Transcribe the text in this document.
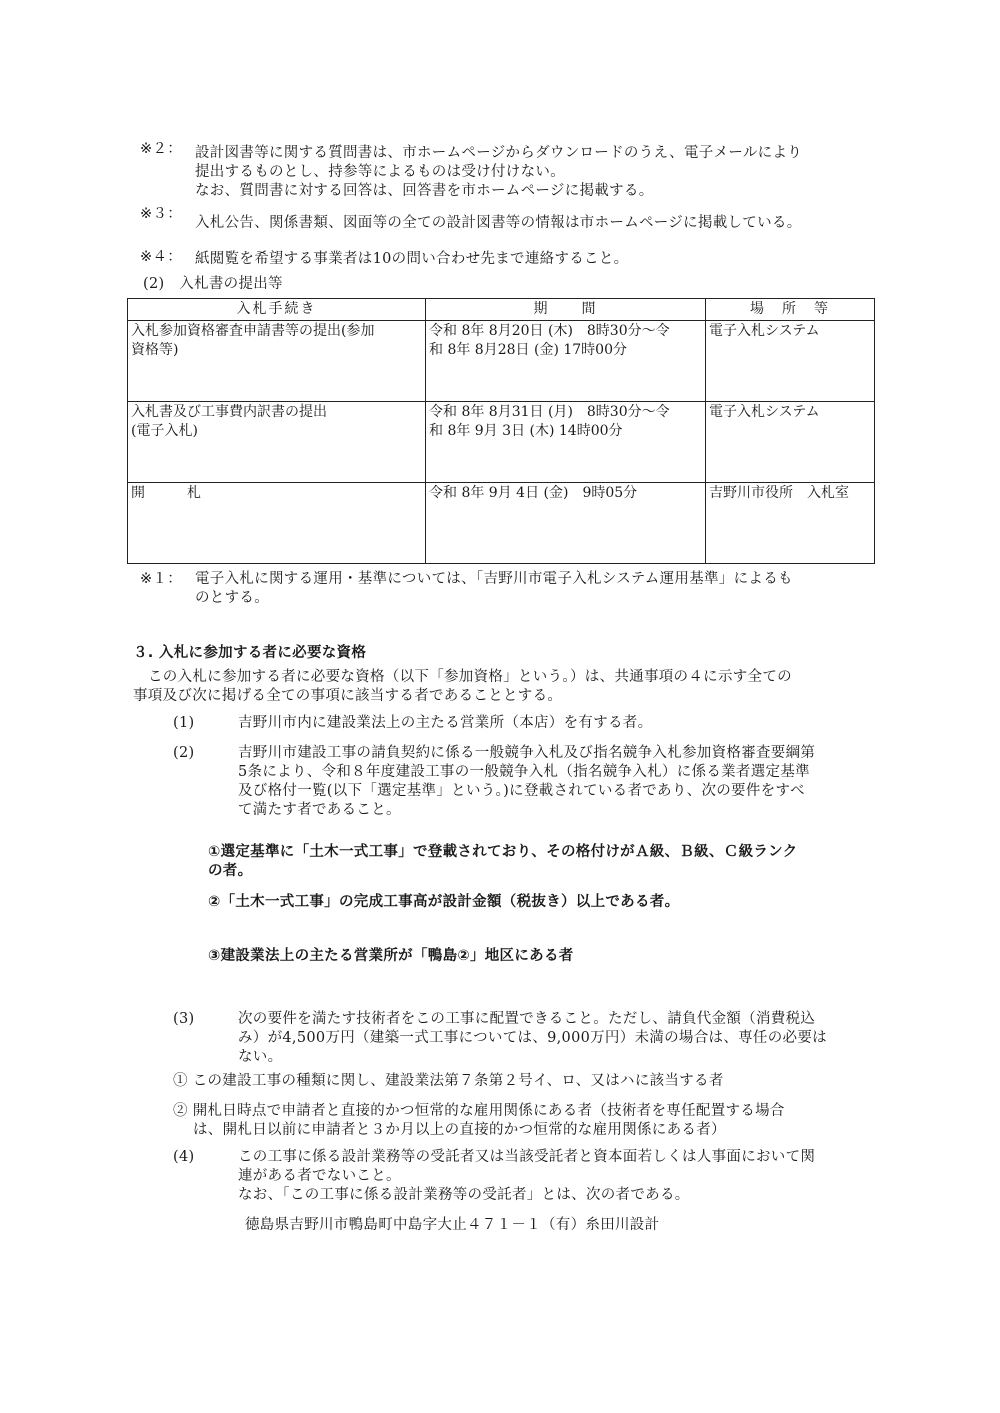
※２： 設計図書等に関する質問書は、市ホームページからダウンロードのうえ、電子メールにより
提出するものとし、持参等によるものは受け付けない。
なお、質問書に対する回答は、回答書を市ホームページに掲載する。
※３：
入札公告、関係書類、図面等の全ての設計図書等の情報は市ホームページに掲載している。
※４： 紙閲覧を希望する事業者は10の問い合わせ先まで連絡すること。
(2)　入札書の提出等
入札手続き	期　　間	場　所　等

入札参加資格審査申請書等の提出(参加
資格等)	令和 8年 8月20日 (木)　8時30分～令
和 8年 8月28日 (金) 17時00分	電子入札システム

入札書及び工事費内訳書の提出
(電子入札)	令和 8年 8月31日 (月)　8時30分～令
和 8年 9月 3日 (木) 14時00分	電子入札システム
開　　　札	令和 8年 9月 4日 (金)　9時05分	吉野川市役所　入札室
※１： 電子入札に関する運用・基準については、「吉野川市電子入札システム運用基準」によるも
のとする。
３. 入札に参加する者に必要な資格
この入札に参加する者に必要な資格（以下「参加資格」という。）は、共通事項の４に示す全ての
事項及び次に掲げる全ての事項に該当する者であることとする。
(1)	吉野川市内に建設業法上の主たる営業所（本店）を有する者。
(2)	吉野川市建設工事の請負契約に係る一般競争入札及び指名競争入札参加資格審査要綱第
5条により、令和８年度建設工事の一般競争入札（指名競争入札）に係る業者選定基準
及び格付一覧(以下「選定基準」という。)に登載されている者であり、次の要件をすべ
て満たす者であること。
①選定基準に「土木一式工事」で登載されており、その格付けがＡ級、Ｂ級、Ｃ級ランク
の者。
②「土木一式工事」の完成工事高が設計金額（税抜き）以上である者。
③建設業法上の主たる営業所が「鴨島②」地区にある者
(3)	次の要件を満たす技術者をこの工事に配置できること。ただし、請負代金額（消費税込
み）が4,500万円（建築一式工事については、9,000万円）未満の場合は、専任の必要は
ない。
① この建設工事の種類に関し、建設業法第７条第２号イ、ロ、又はハに該当する者
② 開札日時点で申請者と直接的かつ恒常的な雇用関係にある者（技術者を専任配置する場合
は、開札日以前に申請者と３か月以上の直接的かつ恒常的な雇用関係にある者）
(4)	この工事に係る設計業務等の受託者又は当該受託者と資本面若しくは人事面において関
連がある者でないこと。
なお、「この工事に係る設計業務等の受託者」とは、次の者である。
徳島県吉野川市鴨島町中島字大止４７１－１（有）糸田川設計
